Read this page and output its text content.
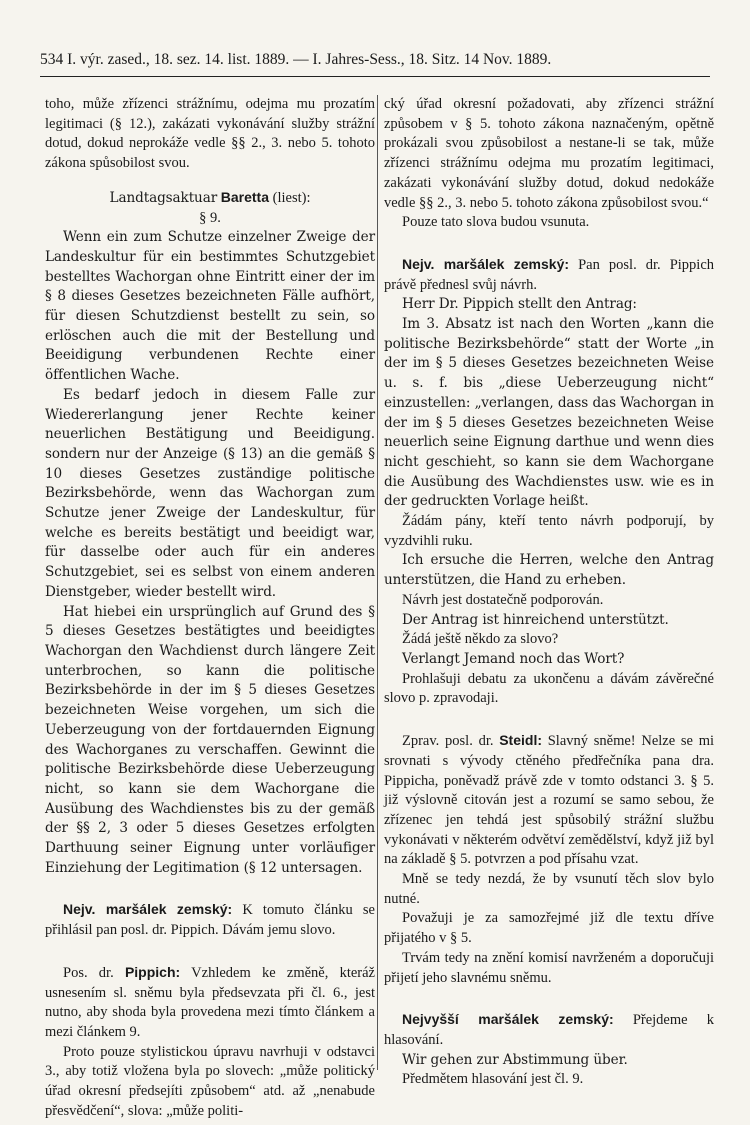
534 I. výr. zased., 18. sez. 14. list. 1889. — I. Jahres-Sess., 18. Sitz. 14 Nov. 1889.

toho, může zřízenci strážnímu, odejma mu prozatím legitimaci (§ 12.), zakázati vykonávání služby strážní dotud, dokud neprokáže vedle §§ 2., 3. nebo 5. tohoto zákona spůsobilost svou.

Landtagsaktuar Baretta (liest):

§ 9.

Wenn ein zum Schutze einzelner Zweige der Landeskultur für ein bestimmtes Schutzgebiet bestelltes Wachorgan ohne Eintritt einer der im § 8 dieses Gesetzes bezeichneten Fälle aufhört, für diesen Schutzdienst bestellt zu sein, so erlöschen auch die mit der Bestellung und Beeidigung verbundenen Rechte einer öffentlichen Wache.

Es bedarf jedoch in diesem Falle zur Wiedererlangung jener Rechte keiner neuerlichen Bestätigung und Beeidigung. sondern nur der Anzeige (§ 13) an die gemäß § 10 dieses Gesetzes zuständige politische Bezirksbehörde, wenn das Wachorgan zum Schutze jener Zweige der Landeskultur, für welche es bereits bestätigt und beeidigt war, für dasselbe oder auch für ein anderes Schutzgebiet, sei es selbst von einem anderen Dienstgeber, wieder bestellt wird.

Hat hiebei ein ursprünglich auf Grund des § 5 dieses Gesetzes bestätigtes und beeidigtes Wachorgan den Wachdienst durch längere Zeit unterbrochen, so kann die politische Bezirksbehörde in der im § 5 dieses Gesetzes bezeichneten Weise vorgehen, um sich die Ueberzeugung von der fortdauernden Eignung des Wachorganes zu verschaffen. Gewinnt die politische Bezirksbehörde diese Ueberzeugung nicht, so kann sie dem Wachorgane die Ausübung des Wachdienstes bis zu der gemäß der §§ 2, 3 oder 5 dieses Gesetzes erfolgten Darthuung seiner Eignung unter vorläufiger Einziehung der Legitimation (§ 12 untersagen.

Nejv. maršálek zemský: K tomuto článku se přihlásil pan posl. dr. Pippich. Dávám jemu slovo.

Pos. dr. Pippich: Vzhledem ke změně, kteráž usnesením sl. sněmu byla předsevzata při čl. 6., jest nutno, aby shoda byla provedena mezi tímto článkem a mezi článkem 9.

Proto pouze stylistickou úpravu navrhuji v odstavci 3., aby totiž vložena byla po slovech: „může politický úřad okresní předsejíti způsobem“ atd. až „nenabude přesvědčení“, slova: „může politi-

cký úřad okresní požadovati, aby zřízenci strážní způsobem v § 5. tohoto zákona naznačeným, opětně prokázali svou způsobilost a nestane-li se tak, může zřízenci strážnímu odejma mu prozatím legitimaci, zakázati vykonávání služby dotud, dokud nedokáže vedle §§ 2., 3. nebo 5. tohoto zákona způsobilost svou.“

Pouze tato slova budou vsunuta.

Nejv. maršálek zemský: Pan posl. dr. Pippich právě přednesl svůj návrh.

Herr Dr. Pippich stellt den Antrag:

Im 3. Absatz ist nach den Worten „kann die politische Bezirksbehörde“ statt der Worte „in der im § 5 dieses Gesetzes bezeichneten Weise u. s. f. bis „diese Ueberzeugung nicht“ einzustellen: „verlangen, dass das Wachorgan in der im § 5 dieses Gesetzes bezeichneten Weise neuerlich seine Eignung darthue und wenn dies nicht geschieht, so kann sie dem Wachorgane die Ausübung des Wachdienstes usw. wie es in der gedruckten Vorlage heißt.

Žádám pány, kteří tento návrh podporují, by vyzdvihli ruku.

Ich ersuche die Herren, welche den Antrag unterstützen, die Hand zu erheben.

Návrh jest dostatečně podporován.

Der Antrag ist hinreichend unterstützt.

Žádá ještě někdo za slovo?

Verlangt Jemand noch das Wort?

Prohlašuji debatu za ukončenu a dávám závěrečné slovo p. zpravodaji.

Zprav. posl. dr. Steidl: Slavný sněme! Nelze se mi srovnati s vývody ctěného předřečníka pana dra. Pippicha, poněvadž právě zde v tomto odstanci 3. § 5. již výslovně citován jest a rozumí se samo sebou, že zřízenec jen tehdá jest spůsobilý strážní službu vykonávati v některém odvětví zemědělství, když již byl na základě § 5. potvrzen a pod přísahu vzat.

Mně se tedy nezdá, že by vsunutí těch slov bylo nutné.

Považuji je za samozřejmé již dle textu dříve přijatého v § 5.

Trvám tedy na znění komisí navrženém a doporučuji přijetí jeho slavnému sněmu.

Nejvyšší maršálek zemský: Přejdeme k hlasování.

Wir gehen zur Abstimmung über.

Předmětem hlasování jest čl. 9.
